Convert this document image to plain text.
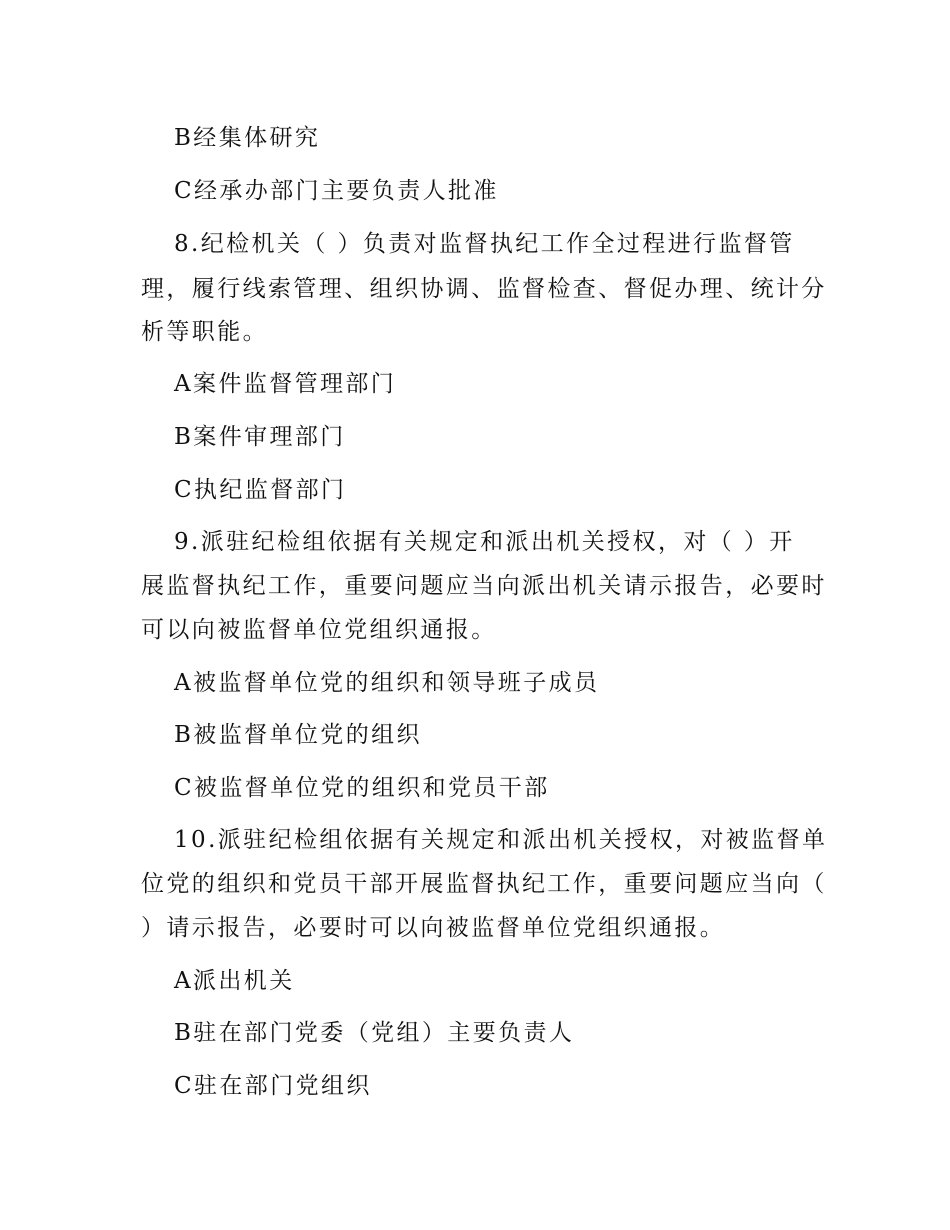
B经集体研究
C经承办部门主要负责人批准
8.纪检机关（ ）负责对监督执纪工作全过程进行监督管
理，履行线索管理、组织协调、监督检查、督促办理、统计分
析等职能。
A案件监督管理部门
B案件审理部门
C执纪监督部门
9.派驻纪检组依据有关规定和派出机关授权，对（ ）开
展监督执纪工作，重要问题应当向派出机关请示报告，必要时
可以向被监督单位党组织通报。
A被监督单位党的组织和领导班子成员
B被监督单位党的组织
C被监督单位党的组织和党员干部
10.派驻纪检组依据有关规定和派出机关授权，对被监督单
位党的组织和党员干部开展监督执纪工作，重要问题应当向（
）请示报告，必要时可以向被监督单位党组织通报。
A派出机关
B驻在部门党委（党组）主要负责人
C驻在部门党组织
